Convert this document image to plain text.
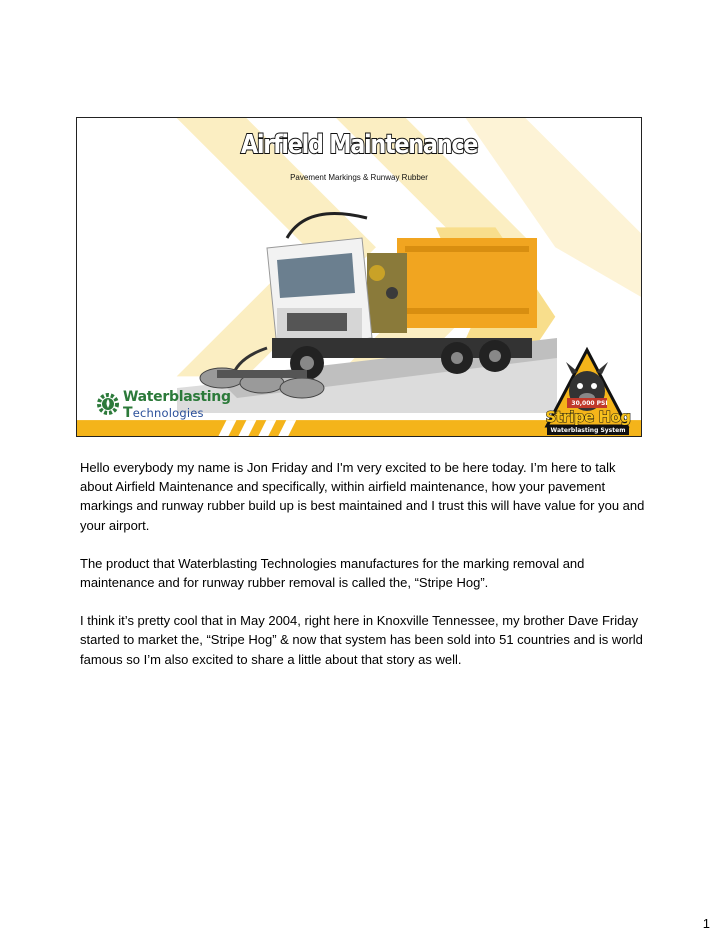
Airfield Maintenance
Pavement Markings & Runway Rubber
Waterblasting
Technologies
30,000 PSI
Stripe Hog
Waterblasting System

Hello everybody my name is Jon Friday and I'm very excited to be here today. I’m here to talk about Airfield Maintenance and specifically, within airfield maintenance, how your pavement markings and runway rubber build up is best maintained and I trust this will have value for you and your airport.

The product that Waterblasting Technologies manufactures for the marking removal and maintenance and for runway rubber removal is called the, “Stripe Hog”.

I think it’s pretty cool that in May 2004, right here in Knoxville Tennessee, my brother Dave Friday started to market the, “Stripe Hog” & now that system has been sold into 51 countries and is world famous so I’m also excited to share a little about that story as well.

1
